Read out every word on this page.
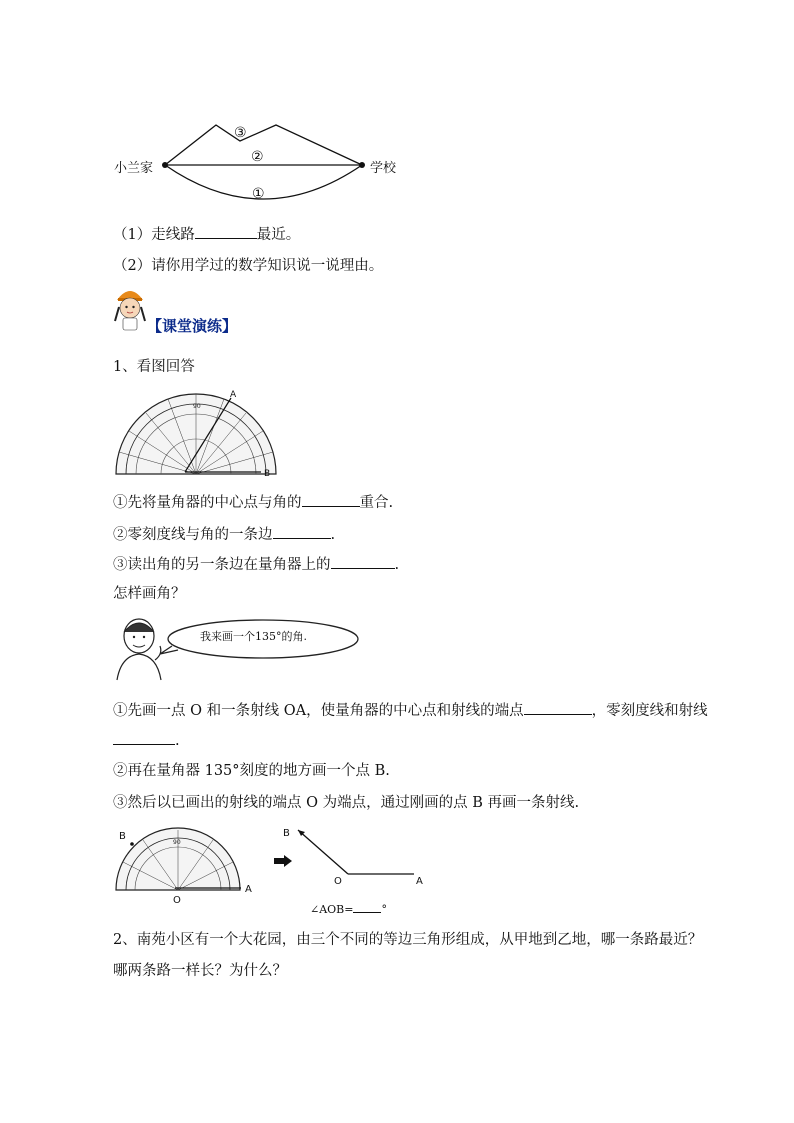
小兰家	学校
③
②
①
（1）走线路	最近。
（2）请你用学过的数学知识说一说理由。
【课堂演练】
1、看图回答
90
A
B
①先将量角器的中心点与角的	重合.
②零刻度线与角的一条边	.
③读出角的另一条边在量角器上的	.
怎样画角？
我来画一个135°的角.
①先画一点 O 和一条射线 OA，使量角器的中心点和射线的端点	，零刻度线和射线
.
②再在量角器 135°刻度的地方画一个点 B.
③然后以已画出的射线的端点 O 为端点，通过刚画的点 B 再画一条射线.
90
B
O
A
B
O	A
∠AOB=	°
2、南苑小区有一个大花园，由三个不同的等边三角形组成，从甲地到乙地，哪一条路最近？
哪两条路一样长？为什么？
